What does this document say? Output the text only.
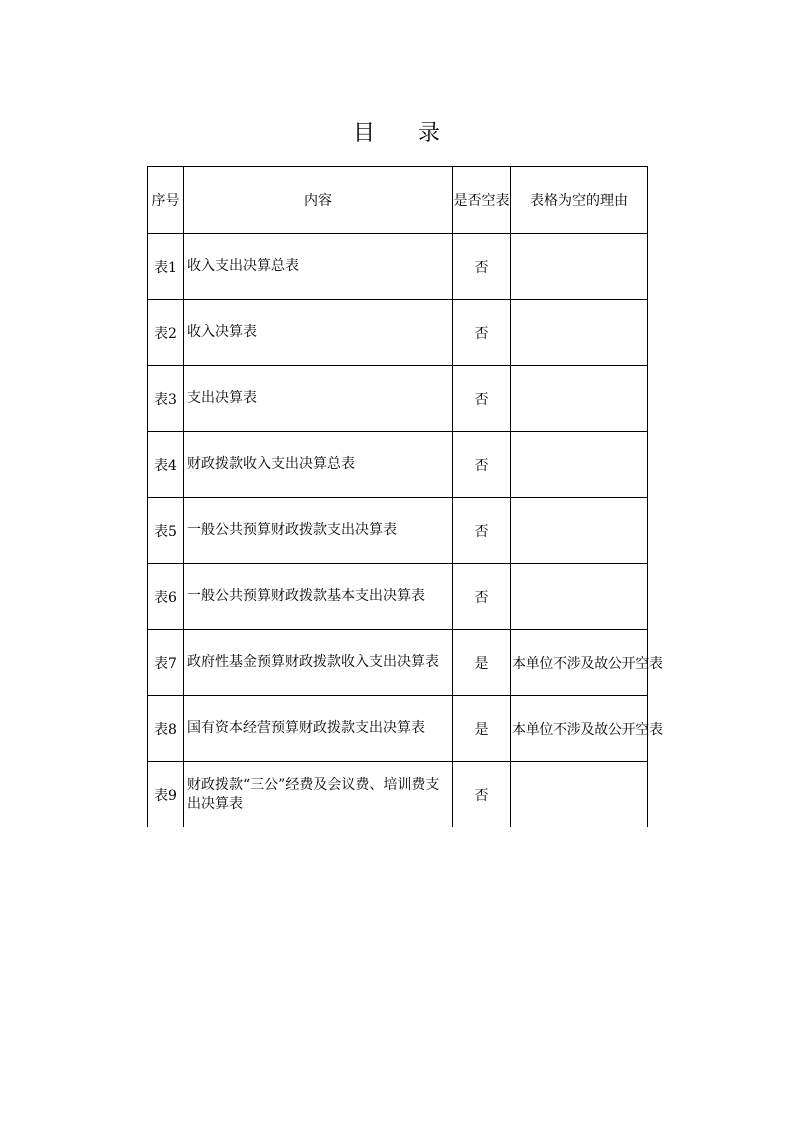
目 录
序号	内容	是否空表	表格为空的理由
表1	收入支出决算总表	否	
表2	收入决算表	否	
表3	支出决算表	否	
表4	财政拨款收入支出决算总表	否	
表5	一般公共预算财政拨款支出决算表	否	
表6	一般公共预算财政拨款基本支出决算表	否	
表7	政府性基金预算财政拨款收入支出决算表	是	本单位不涉及故公开空表
表8	国有资本经营预算财政拨款支出决算表	是	本单位不涉及故公开空表
表9	财政拨款“三公”经费及会议费、培训费支出决算表	否	
